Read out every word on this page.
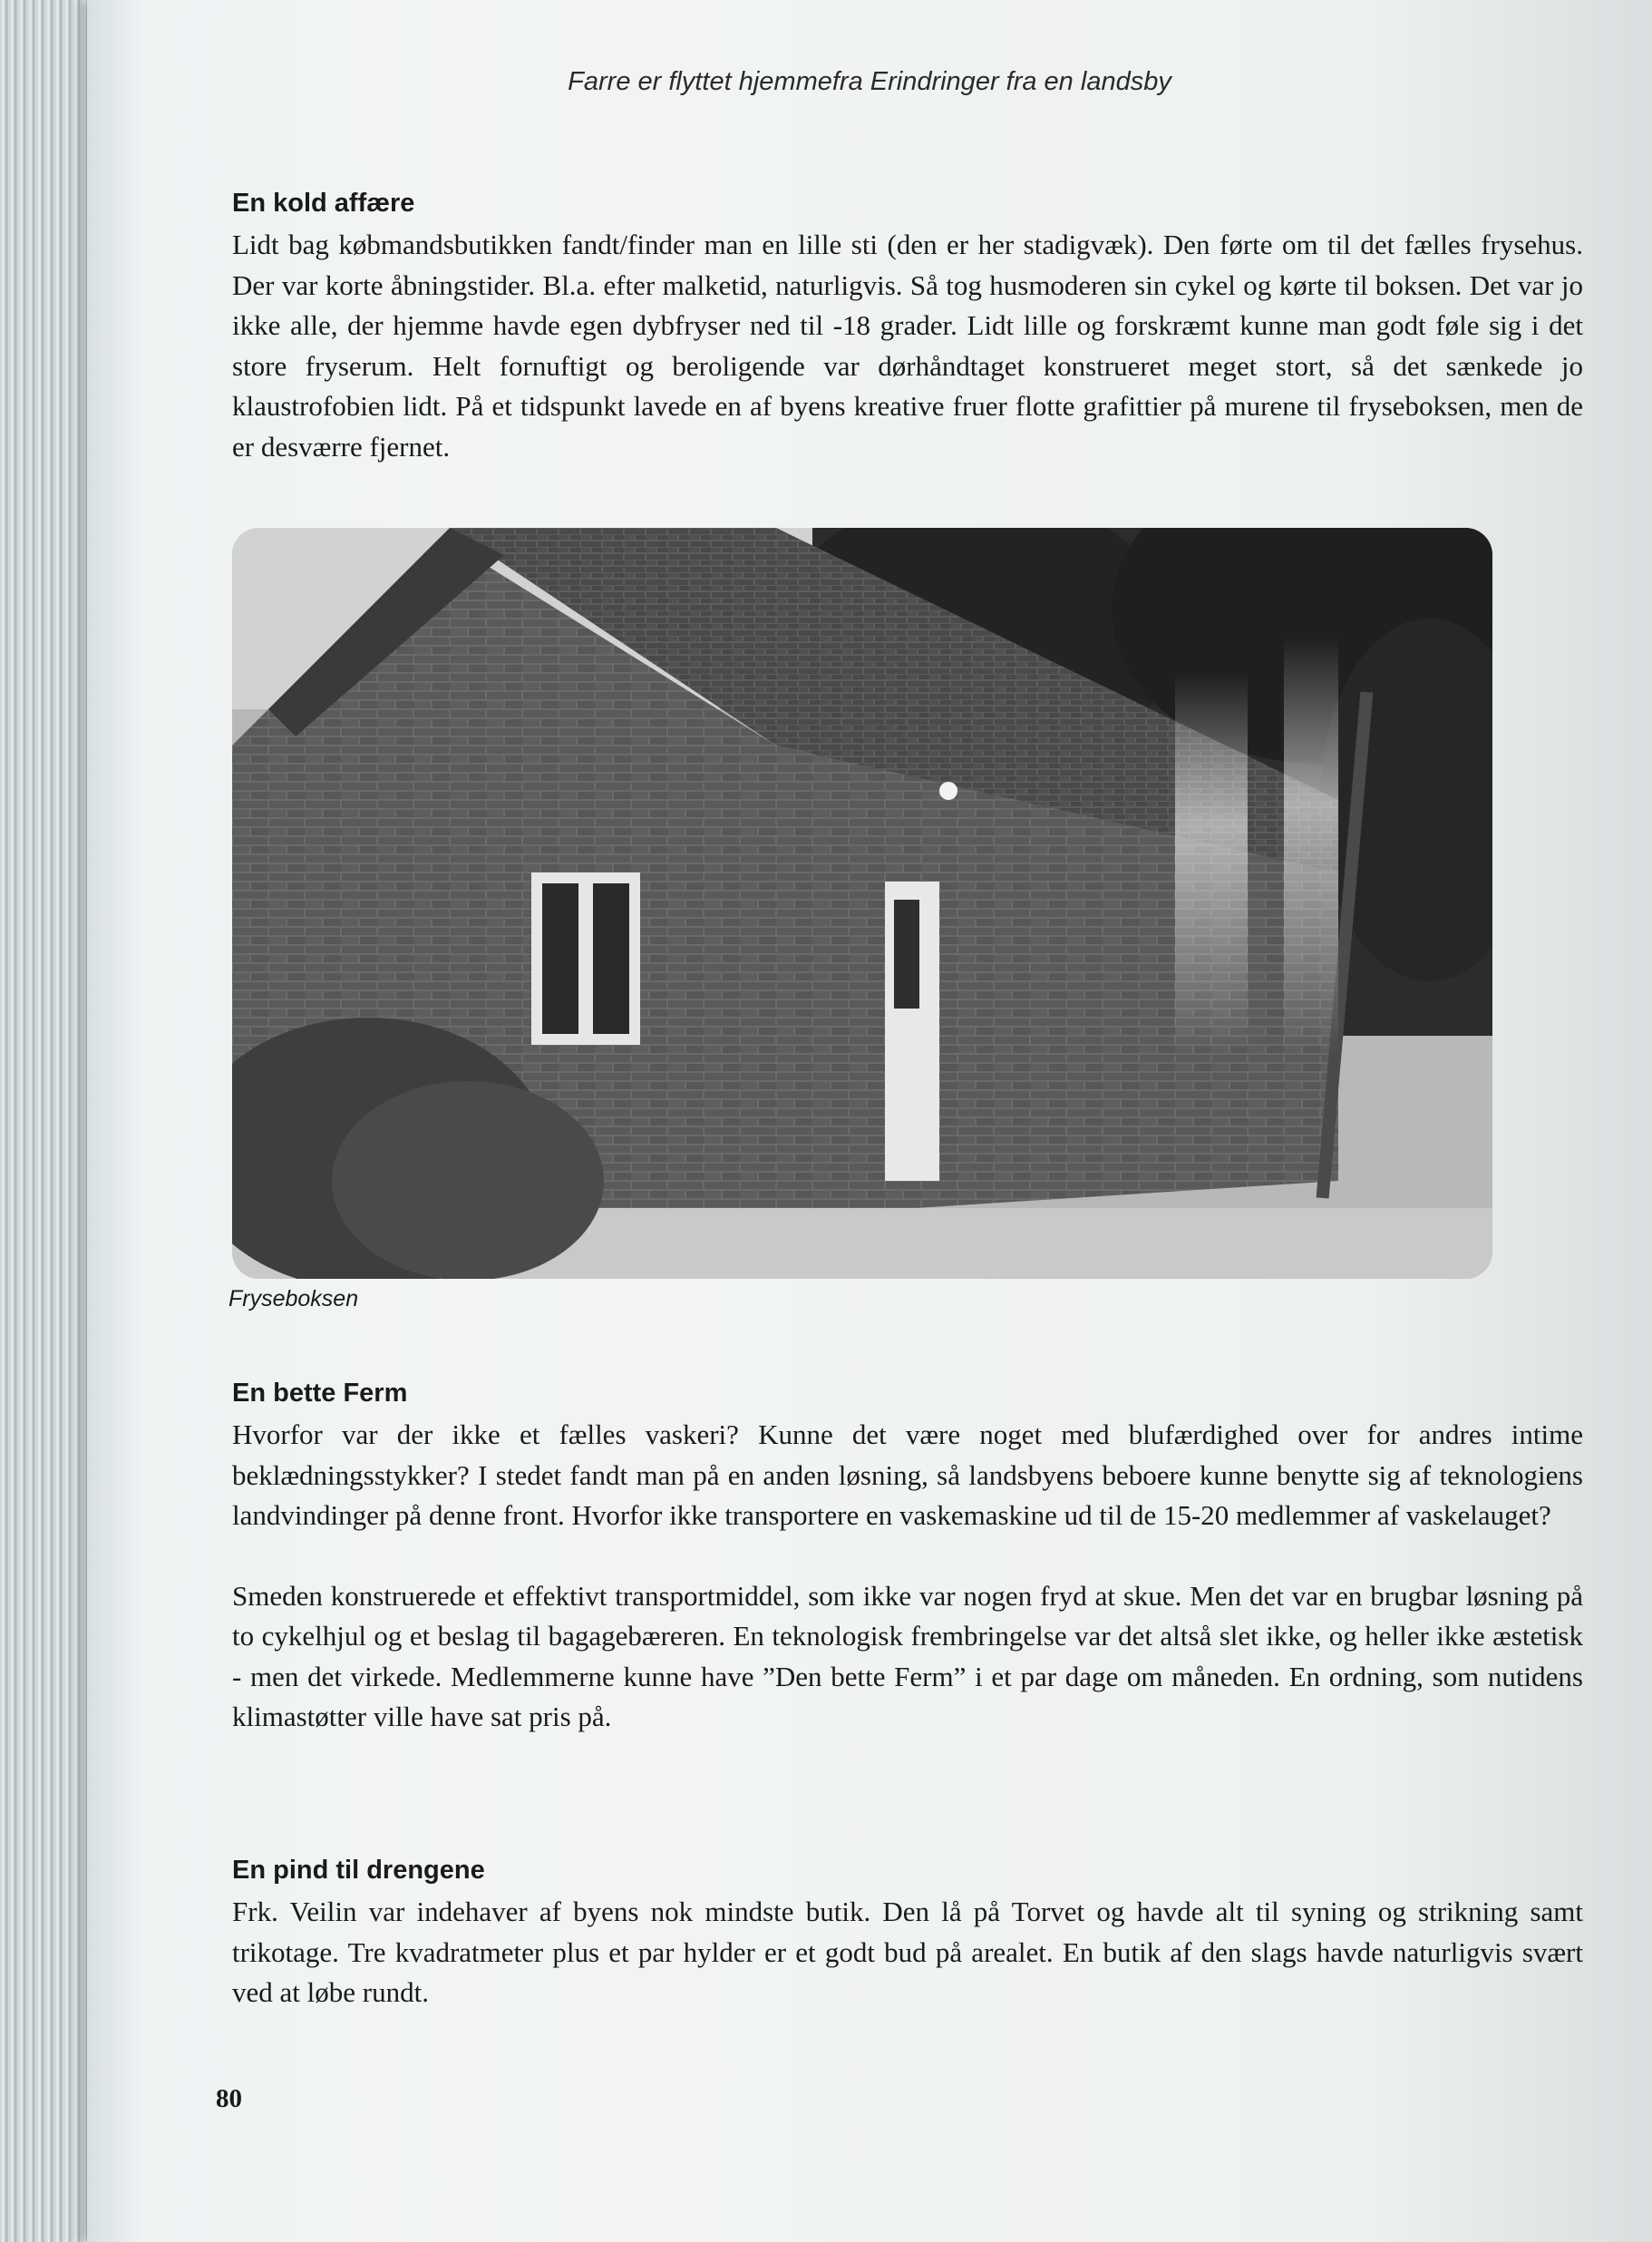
Farre er flyttet hjemmefra Erindringer fra en landsby
En kold affære

Lidt bag købmandsbutikken fandt/finder man en lille sti (den er her stadigvæk). Den førte om til det fælles frysehus. Der var korte åbningstider. Bl.a. efter malketid, naturligvis. Så tog husmoderen sin cykel og kørte til boksen. Det var jo ikke alle, der hjemme havde egen dybfryser ned til -18 grader. Lidt lille og forskræmt kunne man godt føle sig i det store fryserum. Helt fornuftigt og beroligende var dørhåndtaget konstrueret meget stort, så det sænkede jo klaustrofobien lidt. På et tidspunkt lavede en af byens kreative fruer flotte grafittier på murene til fryseboksen, men de er desværre fjernet.

Fryseboksen
En bette Ferm

Hvorfor var der ikke et fælles vaskeri? Kunne det være noget med blufærdighed over for andres intime beklædningsstykker? I stedet fandt man på en anden løsning, så landsbyens beboere kunne benytte sig af teknologiens landvindinger på denne front. Hvorfor ikke transportere en vaskemaskine ud til de 15-20 medlemmer af vaskelauget?

Smeden konstruerede et effektivt transportmiddel, som ikke var nogen fryd at skue. Men det var en brugbar løsning på to cykelhjul og et beslag til bagagebæreren. En teknologisk frembringelse var det altså slet ikke, og heller ikke æstetisk - men det virkede. Medlemmerne kunne have ”Den bette Ferm” i et par dage om måneden. En ordning, som nutidens klimastøtter ville have sat pris på.

En pind til drengene

Frk. Veilin var indehaver af byens nok mindste butik. Den lå på Torvet og havde alt til syning og strikning samt trikotage. Tre kvadratmeter plus et par hylder er et godt bud på arealet. En butik af den slags havde naturligvis svært ved at løbe rundt.

80
